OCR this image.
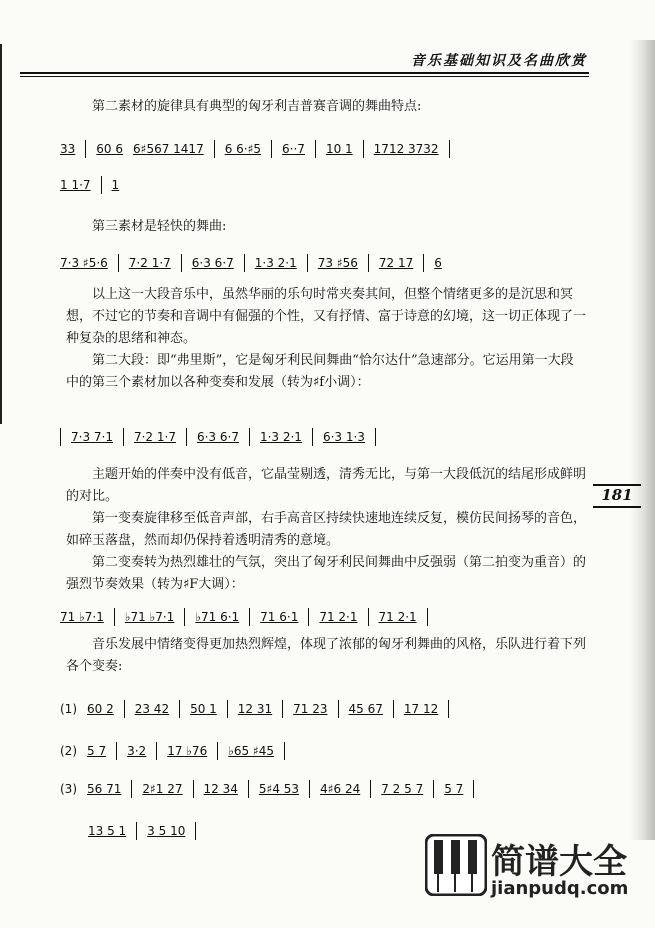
音乐基础知识及名曲欣赏
181

第二素材的旋律具有典型的匈牙利吉普赛音调的舞曲特点:

33 60 6 6♯567 1417 6 6·♯5 6··7 10 1 1712 3732
1 1·7 1

第三素材是轻快的舞曲:

7·3 ♯5·6 7·2 1·7 6·3 6·7 1·3 2·1 73 ♯56 72 17 6

以上这一大段音乐中，虽然华丽的乐句时常夹奏其间，但整个情绪更多的是沉思和冥想，不过它的节奏和音调中有倔强的个性，又有抒情、富于诗意的幻境，这一切正体现了一种复杂的思绪和神态。

第二大段：即“弗里斯”，它是匈牙利民间舞曲“恰尔达什”急速部分。它运用第一大段中的第三个素材加以各种变奏和发展（转为♯f小调）：

7·3 7·1 7·2 1·7 6·3 6·7 1·3 2·1 6·3 1·3

主题开始的伴奏中没有低音，它晶莹剔透，清秀无比，与第一大段低沉的结尾形成鲜明的对比。

第一变奏旋律移至低音声部，右手高音区持续快速地连续反复，模仿民间扬琴的音色，如碎玉落盘，然而却仍保持着透明清秀的意境。

第二变奏转为热烈雄壮的气氛，突出了匈牙利民间舞曲中反强弱（第二拍变为重音）的强烈节奏效果（转为♯F大调）：

71 ♭7·1 ♭71 ♭7·1 ♭71 6·1 71 6·1 71 2·1 71 2·1

音乐发展中情绪变得更加热烈辉煌，体现了浓郁的匈牙利舞曲的风格，乐队进行着下列各个变奏:

(1) 60 2 23 42 50 1 12 31 71 23 45 67 17 12
(2) 5 7 3·2 17 ♭76 ♭65 ♯45
(3) 56 71 2♯1 27 12 34 5♯4 53 4♯6 24 7 2 5 7 5 7
13 5 1 3 5 10
简谱大全
jianpudq.com
